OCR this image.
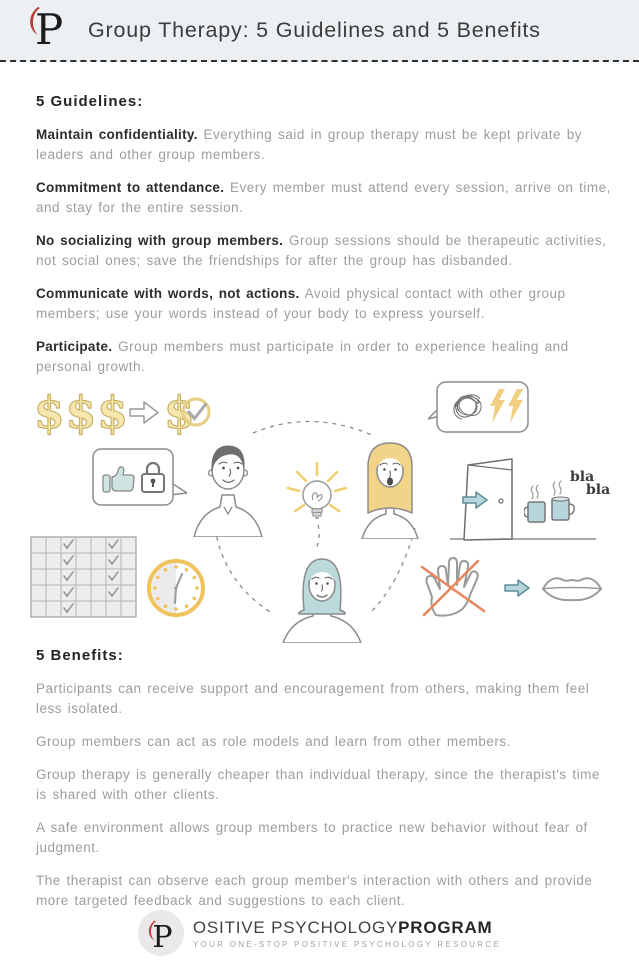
P Group Therapy: 5 Guidelines and 5 Benefits
5 Guidelines:

Maintain confidentiality. Everything said in group therapy must be kept private by leaders and other group members.

Commitment to attendance. Every member must attend every session, arrive on time, and stay for the entire session.

No socializing with group members. Group sessions should be therapeutic activities, not social ones; save the friendships for after the group has disbanded.

Communicate with words, not actions. Avoid physical contact with other group members; use your words instead of your body to express yourself.

Participate. Group members must participate in order to experience healing and personal growth.

$$$ $
bla
bla
5 Benefits:

Participants can receive support and encouragement from others, making them feel less isolated.

Group members can act as role models and learn from other members.

Group therapy is generally cheaper than individual therapy, since the therapist's time is shared with other clients.

A safe environment allows group members to practice new behavior without fear of judgment.

The therapist can observe each group member's interaction with others and provide more targeted feedback and suggestions to each client.

P OSITIVE PSYCHOLOGYPROGRAM
YOUR ONE-STOP POSITIVE PSYCHOLOGY RESOURCE
